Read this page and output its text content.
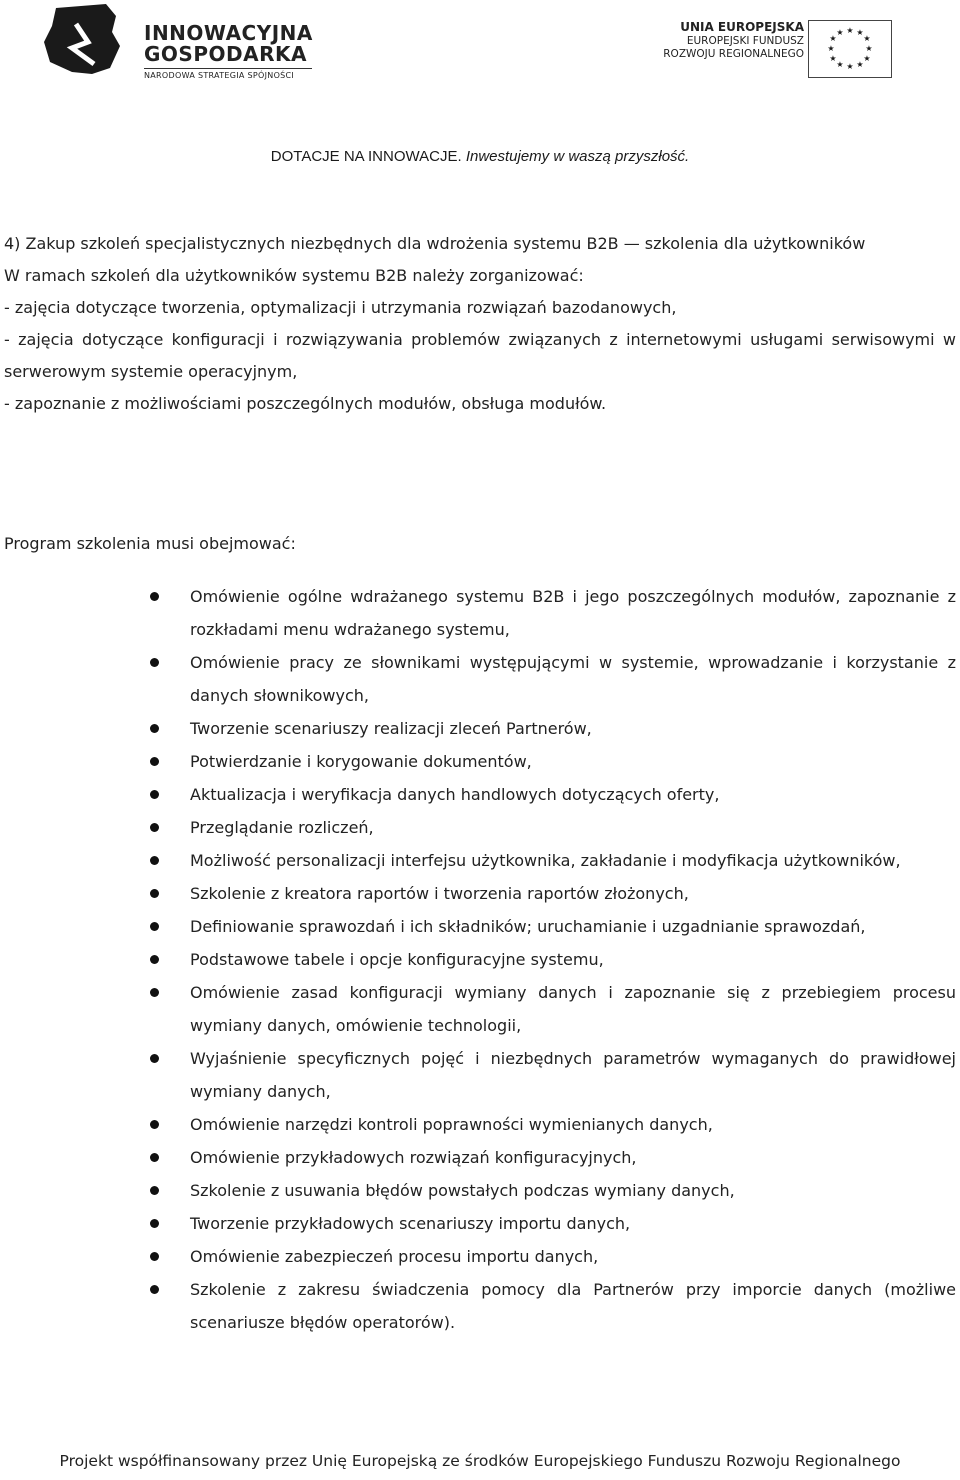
INNOWACYJNA
GOSPODARKA
NARODOWA STRATEGIA SPÓJNOŚCI
UNIA EUROPEJSKA
EUROPEJSKI FUNDUSZ
ROZWOJU REGIONALNEGO
★ ★
★
★
★
★
★
★
★
★
★
★
DOTACJE NA INNOWACJE. Inwestujemy w waszą przyszłość.

4) Zakup szkoleń specjalistycznych niezbędnych dla wdrożenia systemu B2B — szkolenia dla użytkowników

W ramach szkoleń dla użytkowników systemu B2B należy zorganizować:

- zajęcia dotyczące tworzenia, optymalizacji i utrzymania rozwiązań bazodanowych,

- zajęcia dotyczące konfiguracji i rozwiązywania problemów związanych z internetowymi usługami serwisowymi w serwerowym systemie operacyjnym,

- zapoznanie z możliwościami poszczególnych modułów, obsługa modułów.

Program szkolenia musi obejmować:
Omówienie ogólne wdrażanego systemu B2B i jego poszczególnych modułów, zapoznanie z rozkładami menu wdrażanego systemu,
Omówienie pracy ze słownikami występującymi w systemie, wprowadzanie i korzystanie z danych słownikowych,
Tworzenie scenariuszy realizacji zleceń Partnerów,
Potwierdzanie i korygowanie dokumentów,
Aktualizacja i weryfikacja danych handlowych dotyczących oferty,
Przeglądanie rozliczeń,
Możliwość personalizacji interfejsu użytkownika, zakładanie i modyfikacja użytkowników,
Szkolenie z kreatora raportów i tworzenia raportów złożonych,
Definiowanie sprawozdań i ich składników; uruchamianie i uzgadnianie sprawozdań,
Podstawowe tabele i opcje konfiguracyjne systemu,
Omówienie zasad konfiguracji wymiany danych i zapoznanie się z przebiegiem procesu wymiany danych, omówienie technologii,
Wyjaśnienie specyficznych pojęć i niezbędnych parametrów wymaganych do prawidłowej wymiany danych,
Omówienie narzędzi kontroli poprawności wymienianych danych,
Omówienie przykładowych rozwiązań konfiguracyjnych,
Szkolenie z usuwania błędów powstałych podczas wymiany danych,
Tworzenie przykładowych scenariuszy importu danych,
Omówienie zabezpieczeń procesu importu danych,
Szkolenie z zakresu świadczenia pomocy dla Partnerów przy imporcie danych (możliwe scenariusze błędów operatorów).
Projekt współfinansowany przez Unię Europejską ze środków Europejskiego Funduszu Rozwoju Regionalnego
